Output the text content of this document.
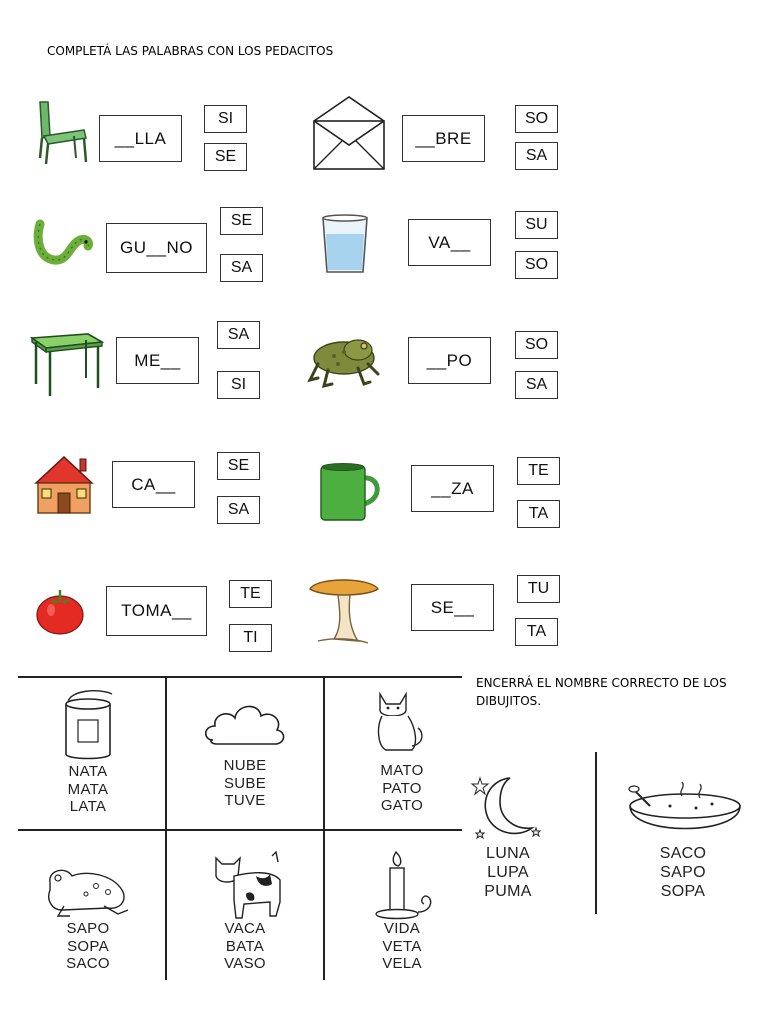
COMPLETÁ LAS PALABRAS CON LOS PEDACITOS
__LLA
SI
SE
__BRE
SO
SA
GU__NO
SE
SA
VA__
SU
SO
ME__
SA
SI
__PO
SO
SA
CA__
SE
SA
__ZA
TE
TA
TOMA__
TE
TI
SE__
TU
TA
ENCERRÁ EL NOMBRE CORRECTO DE LOS DIBUJITOS.
NATA
MATA
LATA
NUBE
SUBE
TUVE
MATO
PATO
GATO
SAPO
SOPA
SACO
VACA
BATA
VASO
VIDA
VETA
VELA
LUNA
LUPA
PUMA
SACO
SAPO
SOPA
